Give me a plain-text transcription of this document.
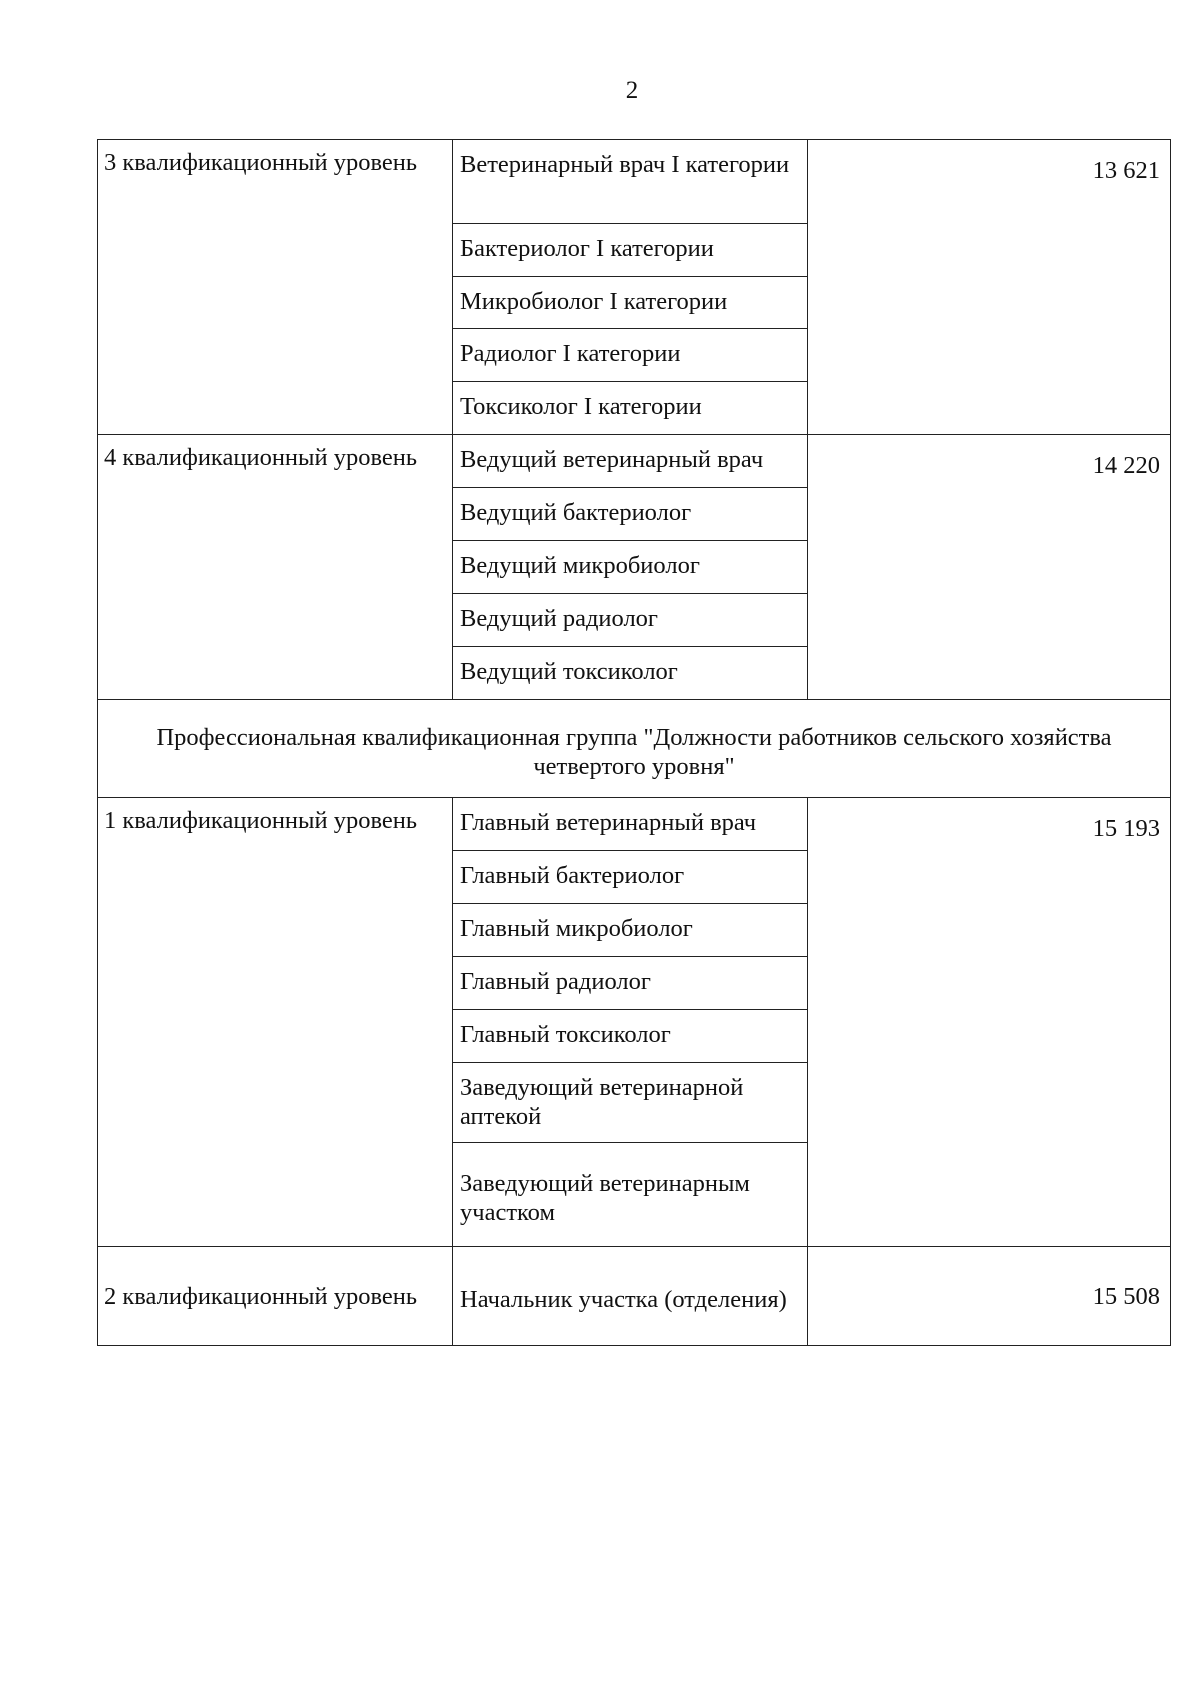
2
3 квалификационный уровень	Ветеринарный врач I категории	13 621
	Бактериолог I категории	
	Микробиолог I категории	
	Радиолог I категории	
	Токсиколог I категории	
4 квалификационный уровень	Ведущий ветеринарный врач	14 220
	Ведущий бактериолог	
	Ведущий микробиолог	
	Ведущий радиолог	
	Ведущий токсиколог	
Профессиональная квалификационная группа "Должности работников сельского хозяйства четвертого уровня"		
1 квалификационный уровень	Главный ветеринарный врач	15 193
	Главный бактериолог	
	Главный микробиолог	
	Главный радиолог	
	Главный токсиколог	
	Заведующий ветеринарной аптекой	
	Заведующий ветеринарным участком	
2 квалификационный уровень	Начальник участка (отделения)	15 508
